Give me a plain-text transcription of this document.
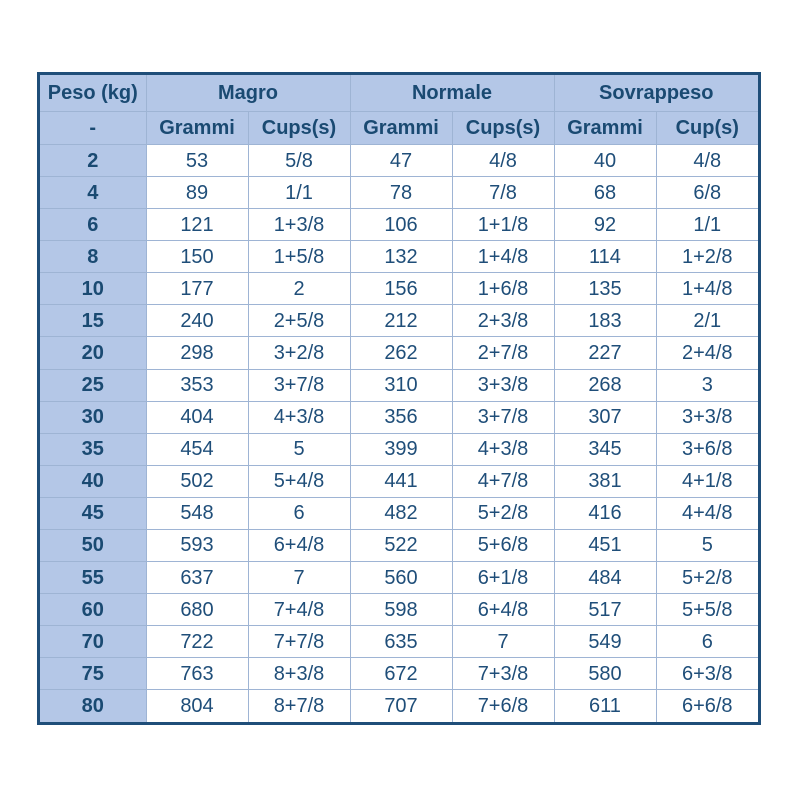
Peso (kg)	Magro		Normale		Sovrappeso	
-	Grammi	Cups(s)	Grammi	Cups(s)	Grammi	Cup(s)
2	53	5/8	47	4/8	40	4/8
4	89	1/1	78	7/8	68	6/8
6	121	1+3/8	106	1+1/8	92	1/1
8	150	1+5/8	132	1+4/8	114	1+2/8
10	177	2	156	1+6/8	135	1+4/8
15	240	2+5/8	212	2+3/8	183	2/1
20	298	3+2/8	262	2+7/8	227	2+4/8
25	353	3+7/8	310	3+3/8	268	3
30	404	4+3/8	356	3+7/8	307	3+3/8
35	454	5	399	4+3/8	345	3+6/8
40	502	5+4/8	441	4+7/8	381	4+1/8
45	548	6	482	5+2/8	416	4+4/8
50	593	6+4/8	522	5+6/8	451	5
55	637	7	560	6+1/8	484	5+2/8
60	680	7+4/8	598	6+4/8	517	5+5/8
70	722	7+7/8	635	7	549	6
75	763	8+3/8	672	7+3/8	580	6+3/8
80	804	8+7/8	707	7+6/8	611	6+6/8
